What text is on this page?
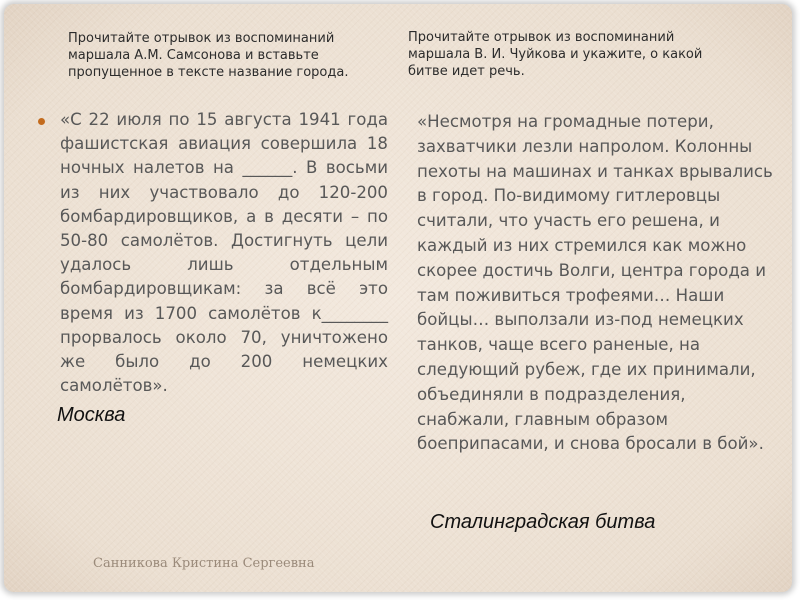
Прочитайте отрывок из воспоминаний маршала А.М. Самсонова и вставьте пропущенное в тексте название города.
Прочитайте отрывок из воспоминаний маршала В. И. Чуйкова и укажите, о какой битве идет речь.
«С 22 июля по 15 августа 1941 года фашистская авиация совершила 18 ночных налетов на ______. В восьми из них участвовало до 120-200 бомбардировщиков, а в десяти – по 50-80 самолётов. Достигнуть цели удалось лишь отдельным бомбардировщикам: за всё это время из 1700 самолётов к________ прорвалось около 70, уничтожено же было до 200 немецких самолётов».
«Несмотря на громадные потери, захватчики лезли напролом. Колонны пехоты на машинах и танках врывались в город. По-видимому гитлеровцы считали, что участь его решена, и каждый из них стремился как можно скорее достичь Волги, центра города и там поживиться трофеями… Наши бойцы… выползали из-под немецких танков, чаще всего раненые, на следующий рубеж, где их принимали, объединяли в подразделения, снабжали, главным образом боеприпасами, и снова бросали в бой».
Москва
Сталинградская битва
Санникова Кристина Сергеевна
